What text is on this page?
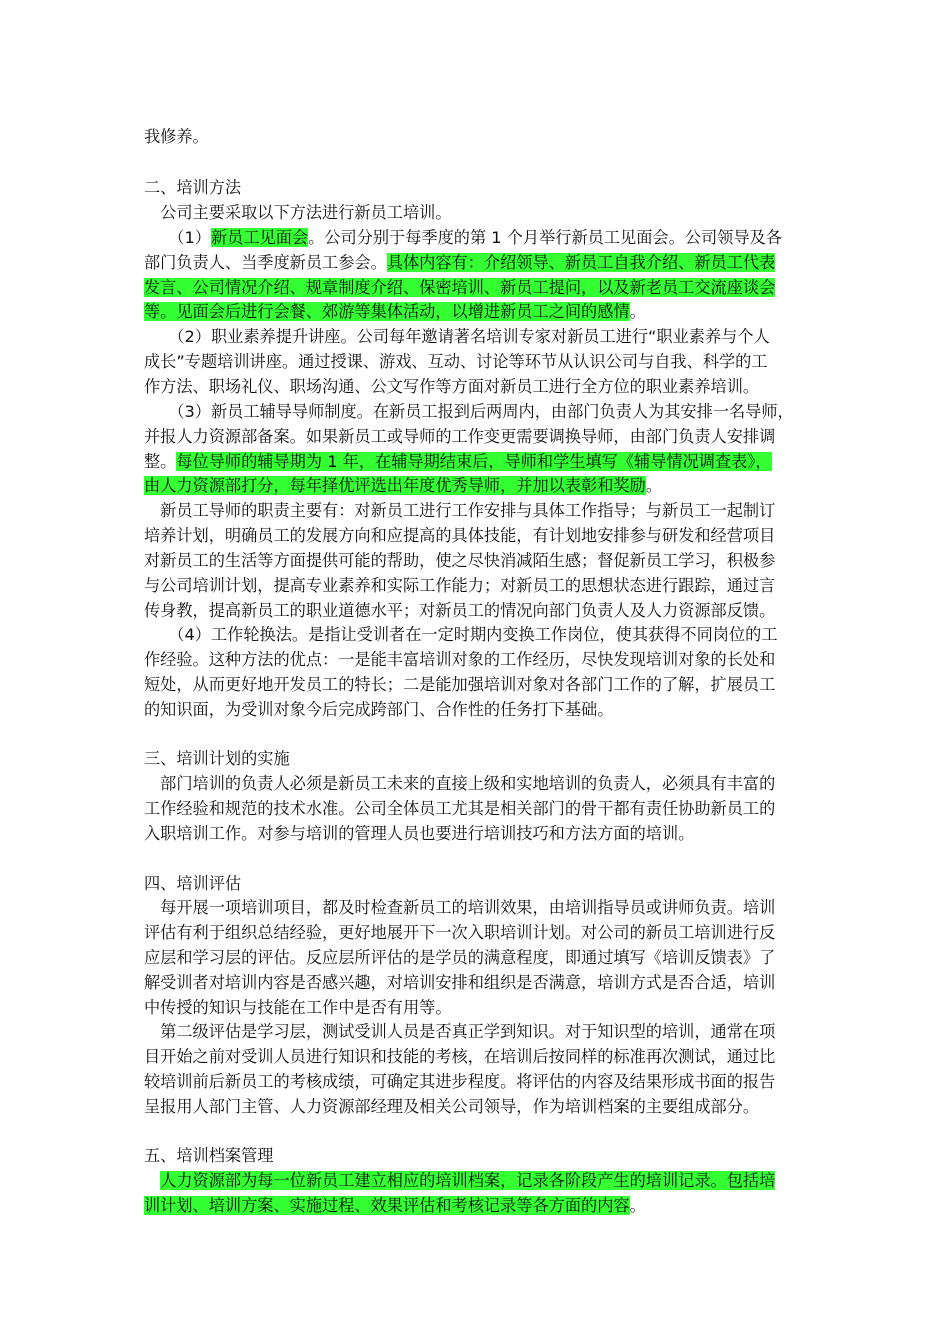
我修养。
二、培训方法
　公司主要采取以下方法进行新员工培训。
　　（1）新员工见面会。公司分别于每季度的第 1 个月举行新员工见面会。公司领导及各
部门负责人、当季度新员工参会。具体内容有：介绍领导、新员工自我介绍、新员工代表
发言、公司情况介绍、规章制度介绍、保密培训、新员工提问，以及新老员工交流座谈会
等。见面会后进行会餐、郊游等集体活动，以增进新员工之间的感情。
　　（2）职业素养提升讲座。公司每年邀请著名培训专家对新员工进行“职业素养与个人
成长”专题培训讲座。通过授课、游戏、互动、讨论等环节从认识公司与自我、科学的工
作方法、职场礼仪、职场沟通、公文写作等方面对新员工进行全方位的职业素养培训。
　　（3）新员工辅导导师制度。在新员工报到后两周内，由部门负责人为其安排一名导师，
并报人力资源部备案。如果新员工或导师的工作变更需要调换导师，由部门负责人安排调
整。每位导师的辅导期为 1 年，在辅导期结束后，导师和学生填写《辅导情况调查表》，
由人力资源部打分，每年择优评选出年度优秀导师，并加以表彰和奖励。
　新员工导师的职责主要有：对新员工进行工作安排与具体工作指导；与新员工一起制订
培养计划，明确员工的发展方向和应提高的具体技能，有计划地安排参与研发和经营项目
对新员工的生活等方面提供可能的帮助，使之尽快消减陌生感；督促新员工学习，积极参
与公司培训计划，提高专业素养和实际工作能力；对新员工的思想状态进行跟踪，通过言
传身教，提高新员工的职业道德水平；对新员工的情况向部门负责人及人力资源部反馈。
　　（4）工作轮换法。是指让受训者在一定时期内变换工作岗位，使其获得不同岗位的工
作经验。这种方法的优点：一是能丰富培训对象的工作经历，尽快发现培训对象的长处和
短处，从而更好地开发员工的特长；二是能加强培训对象对各部门工作的了解，扩展员工
的知识面，为受训对象今后完成跨部门、合作性的任务打下基础。
三、培训计划的实施
　部门培训的负责人必须是新员工未来的直接上级和实地培训的负责人，必须具有丰富的
工作经验和规范的技术水准。公司全体员工尤其是相关部门的骨干都有责任协助新员工的
入职培训工作。对参与培训的管理人员也要进行培训技巧和方法方面的培训。
四、培训评估
　每开展一项培训项目，都及时检查新员工的培训效果，由培训指导员或讲师负责。培训
评估有利于组织总结经验，更好地展开下一次入职培训计划。对公司的新员工培训进行反
应层和学习层的评估。反应层所评估的是学员的满意程度，即通过填写《培训反馈表》了
解受训者对培训内容是否感兴趣，对培训安排和组织是否满意，培训方式是否合适，培训
中传授的知识与技能在工作中是否有用等。
　第二级评估是学习层，测试受训人员是否真正学到知识。对于知识型的培训，通常在项
目开始之前对受训人员进行知识和技能的考核，在培训后按同样的标准再次测试，通过比
较培训前后新员工的考核成绩，可确定其进步程度。将评估的内容及结果形成书面的报告
呈报用人部门主管、人力资源部经理及相关公司领导，作为培训档案的主要组成部分。
五、培训档案管理
　人力资源部为每一位新员工建立相应的培训档案，记录各阶段产生的培训记录。包括培
训计划、培训方案、实施过程、效果评估和考核记录等各方面的内容。
